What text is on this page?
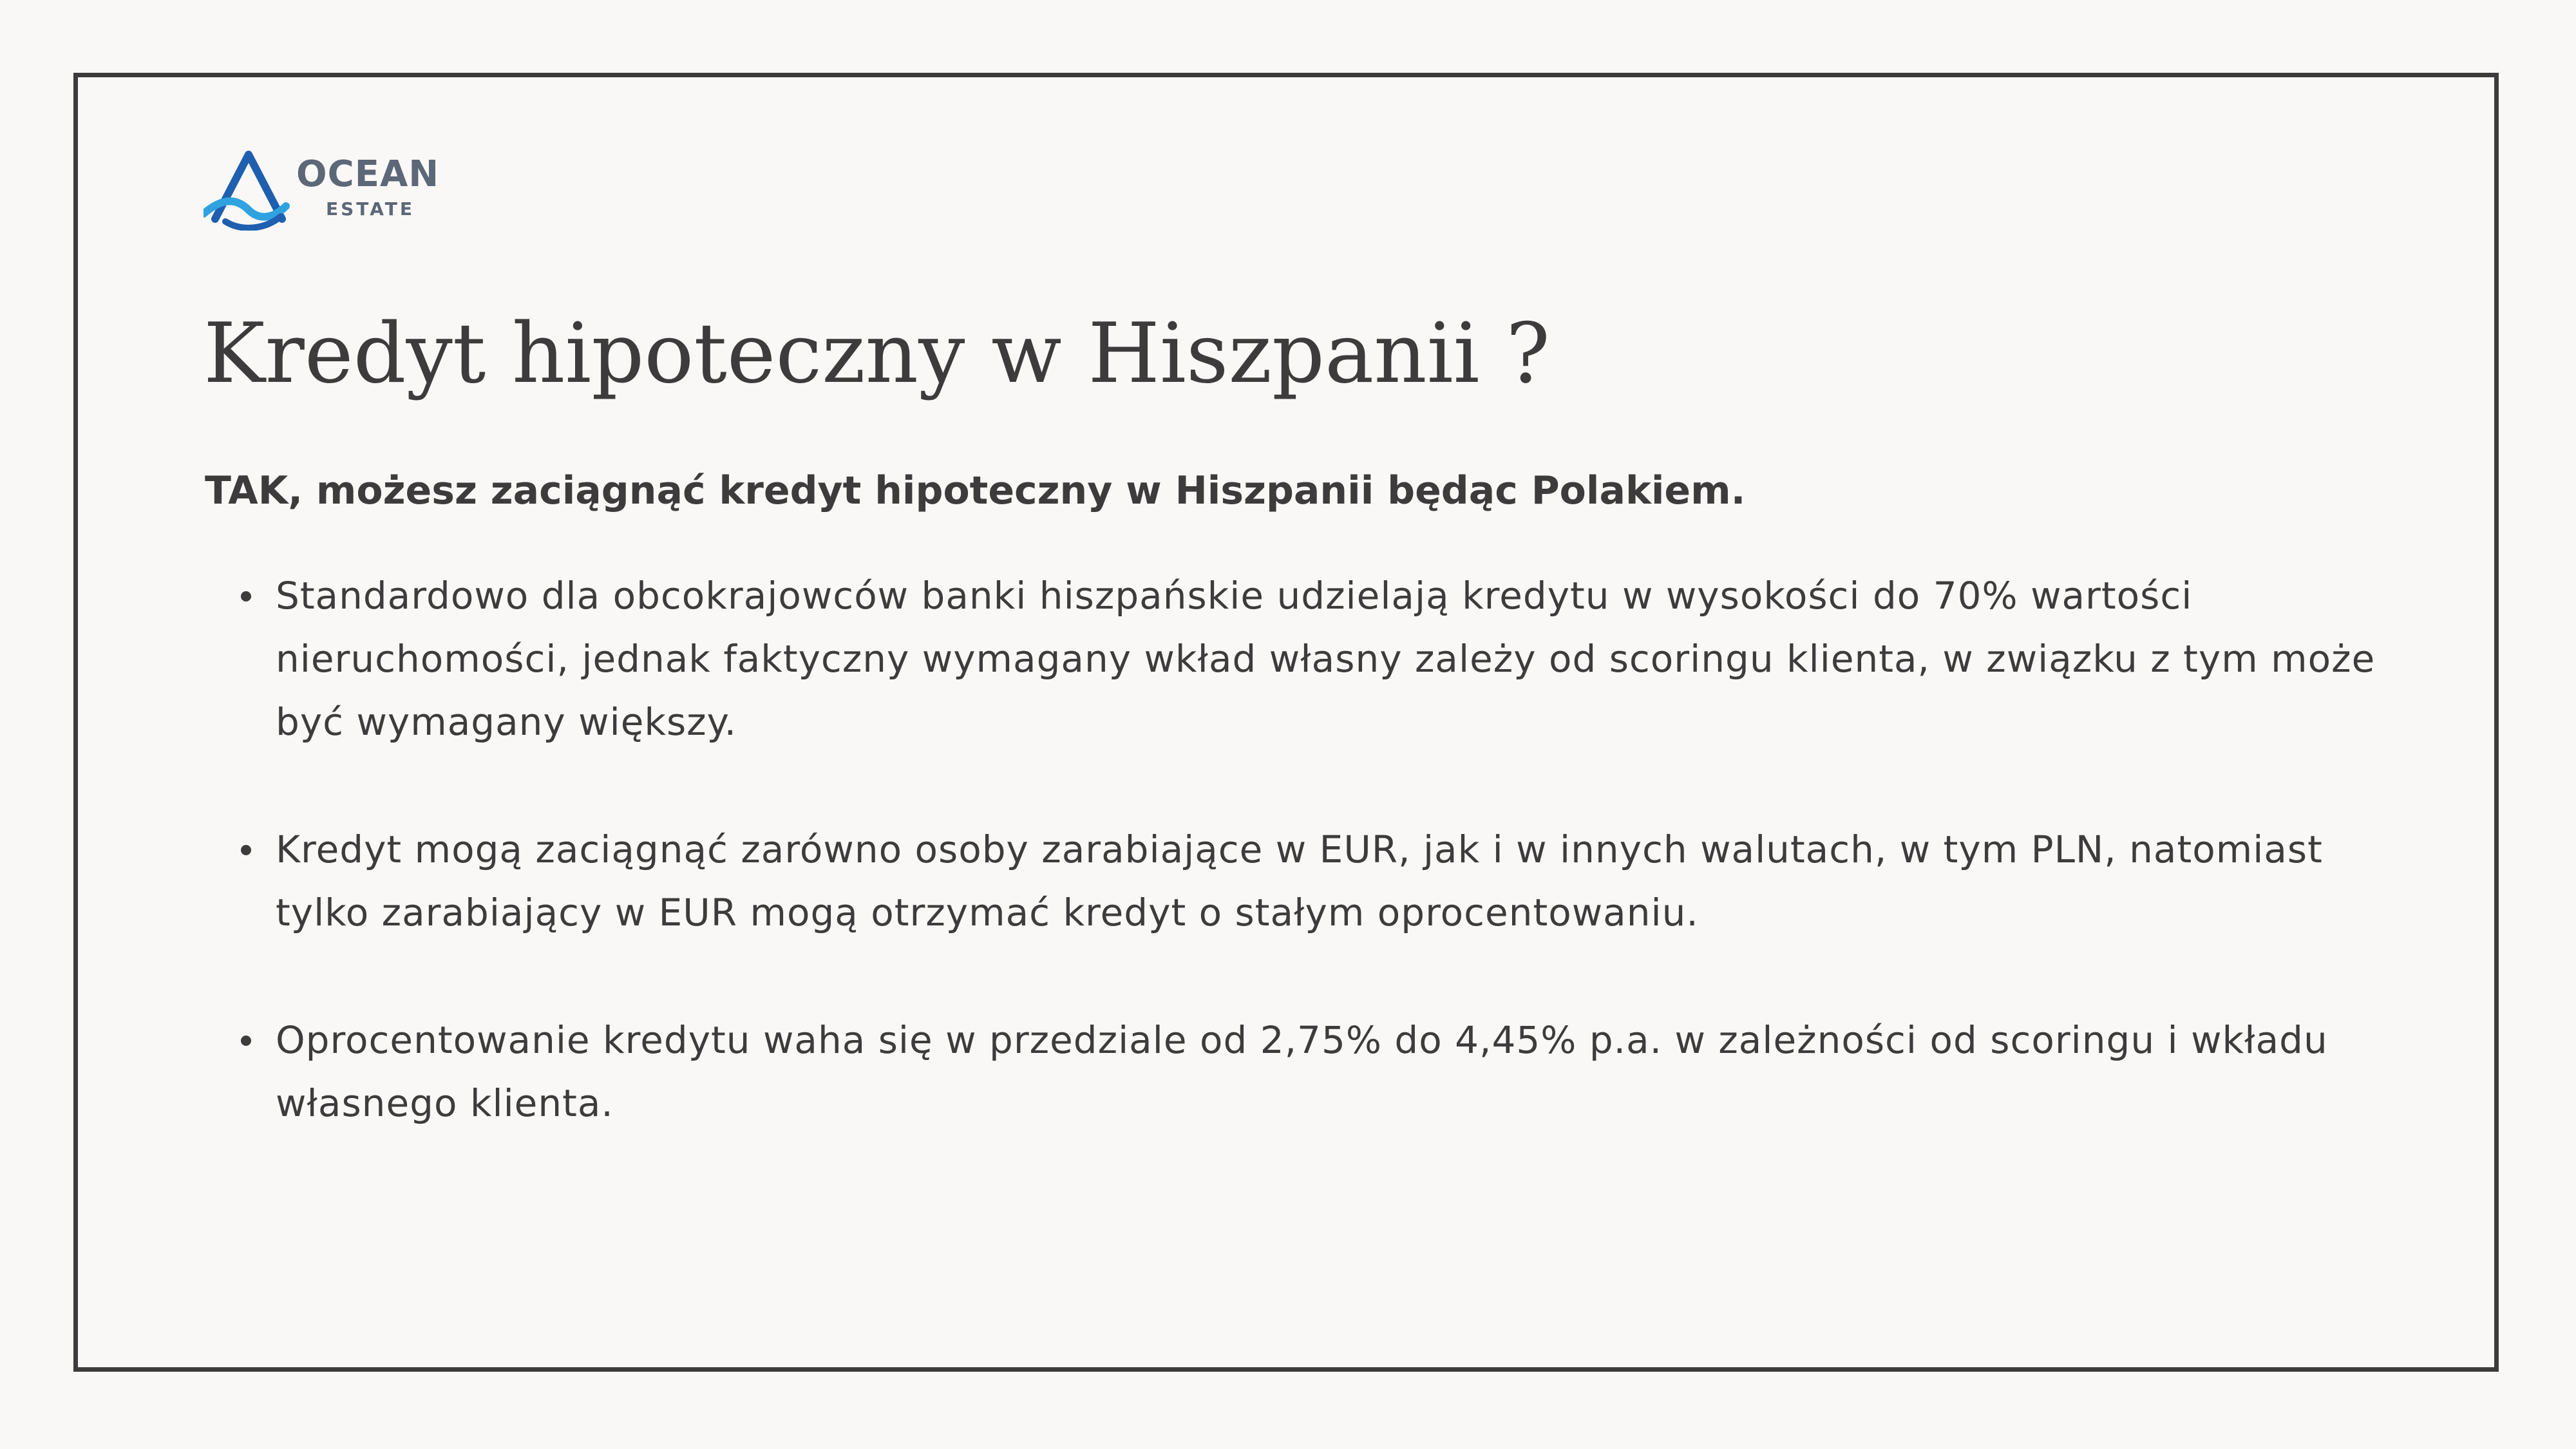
OCEAN
ESTATE
Kredyt hipoteczny w Hiszpanii ?

TAK, możesz zaciągnąć kredyt hipoteczny w Hiszpanii będąc Polakiem.

Standardowo dla obcokrajowców banki hiszpańskie udzielają kredytu w wysokości do 70% wartości nieruchomości, jednak faktyczny wymagany wkład własny zależy od scoringu klienta, w związku z tym może być wymagany większy.
Kredyt mogą zaciągnąć zarówno osoby zarabiające w EUR, jak i w innych walutach, w tym PLN, natomiast tylko zarabiający w EUR mogą otrzymać kredyt o stałym oprocentowaniu.
Oprocentowanie kredytu waha się w przedziale od 2,75% do 4,45% p.a. w zależności od scoringu i wkładu własnego klienta.
